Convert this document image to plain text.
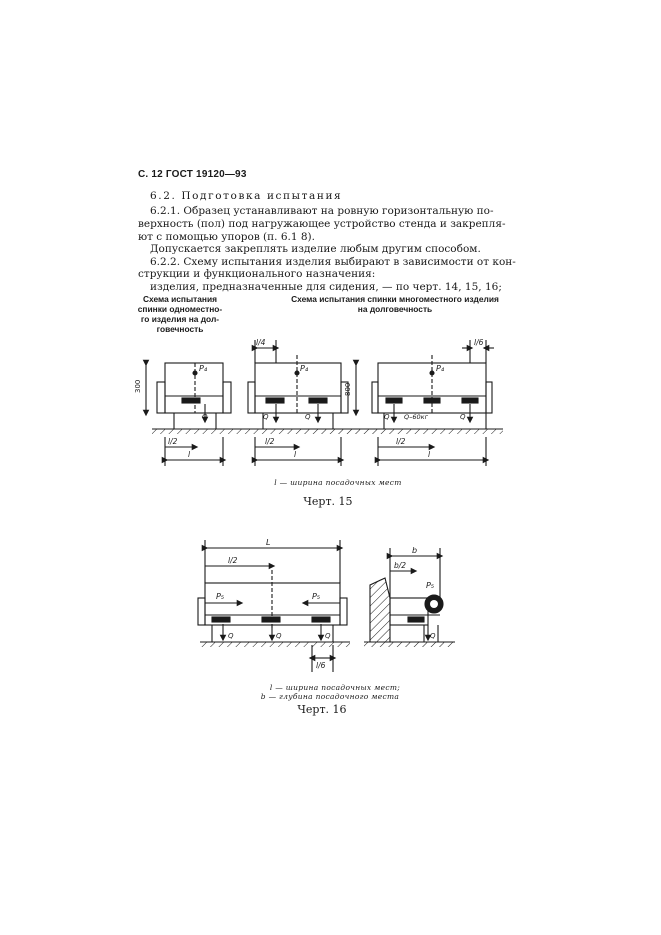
С. 12 ГОСТ 19120—93
6.2. Подготовка испытания
6.2.1. Образец устанавливают на ровную горизонтальную по-
верхность (пол) под нагружающее устройство стенда и закрепля-
ют с помощью упоров (п. 6.1 8).
Допускается закреплять изделие любым другим способом.
6.2.2. Схему испытания изделия выбирают в зависимости от кон-
струкции и функционального назначения:
изделия, предназначенные для сидения, — по черт. 14, 15, 16;
Схема испытания
спинки одноместно-
го изделия на дол-
говечность
Схема испытания спинки многоместного изделия
на долговечность
P₄
300
Q
l/2
l
l/4
P₄
Q	Q
800
l/2
l
l/6
P₄
Q Q–60кг	Q
l/2
l
L
l/2
P₅	P₅
Q	Q	Q
l/6
b
b/2
P₅
Q
l — ширина посадочных мест
Черт. 15
l — ширина посадочных мест;
b — глубина посадочного места
Черт. 16
